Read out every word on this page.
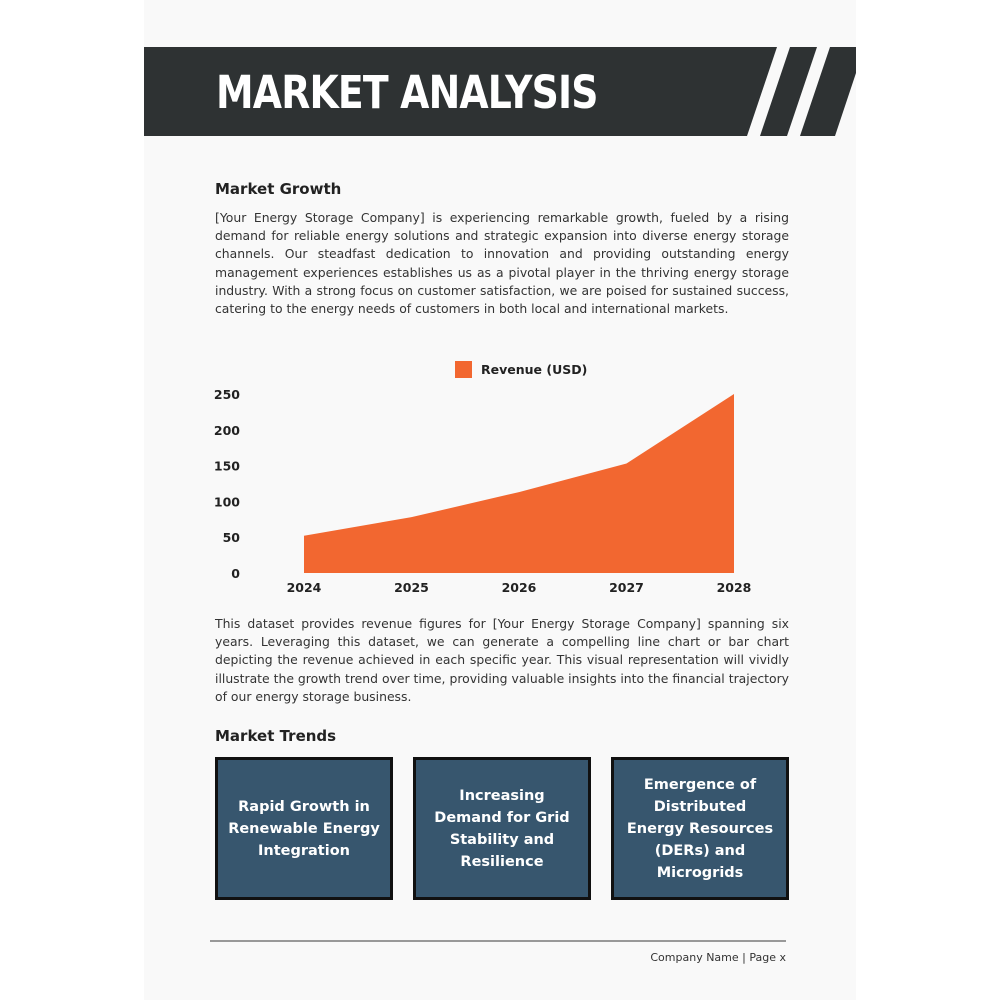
MARKET ANALYSIS
Market Growth

[Your Energy Storage Company] is experiencing remarkable growth, fueled by a rising demand for reliable energy solutions and strategic expansion into diverse energy storage channels. Our steadfast dedication to innovation and providing outstanding energy management experiences establishes us as a pivotal player in the thriving energy storage industry. With a strong focus on customer satisfaction, we are poised for sustained success, catering to the energy needs of customers in both local and international markets.

Revenue (USD)
0
50
100
150
200
250
2024	2025	2026	2027	2028

This dataset provides revenue figures for [Your Energy Storage Company] spanning six years. Leveraging this dataset, we can generate a compelling line chart or bar chart depicting the revenue achieved in each specific year. This visual representation will vividly illustrate the growth trend over time, providing valuable insights into the financial trajectory of our energy storage business.

Market Trends
Rapid Growth in Renewable Energy Integration
Increasing Demand for Grid Stability and Resilience
Emergence of Distributed Energy Resources (DERs) and Microgrids
Company Name | Page x
